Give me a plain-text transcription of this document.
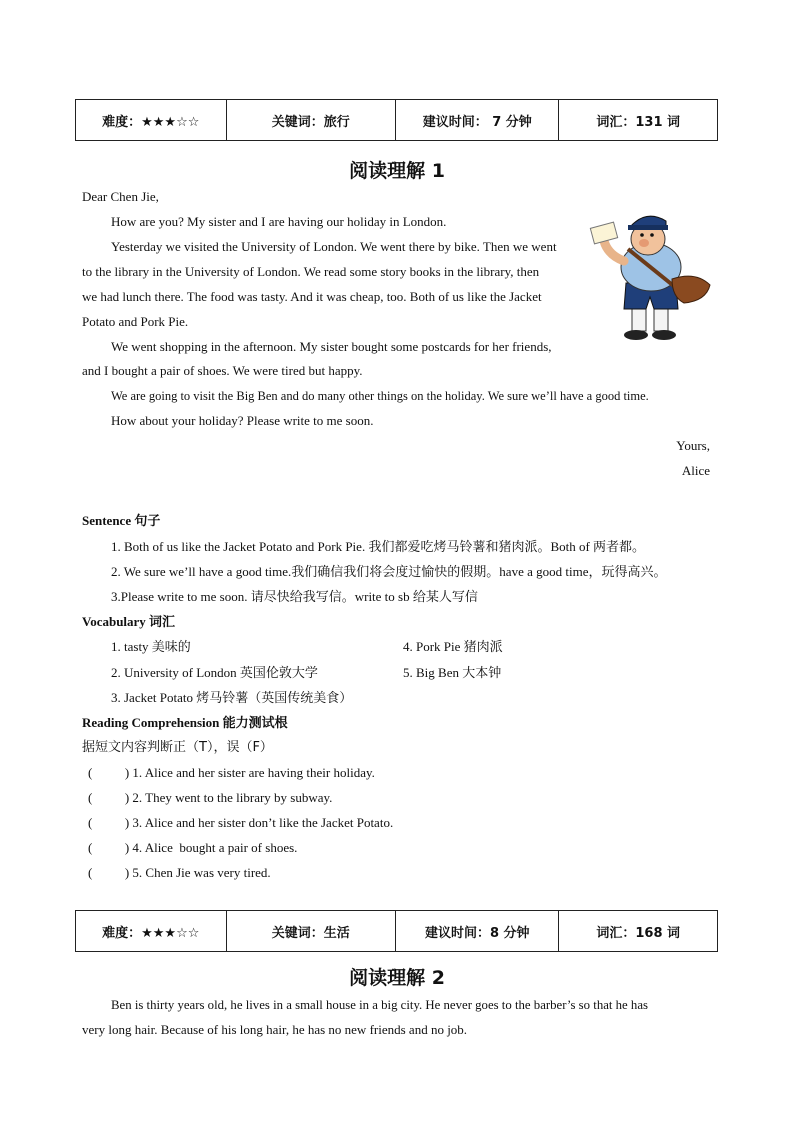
难度：★★★☆☆	关键词：旅行	建议时间： 7 分钟	词汇：131 词
阅读理解 1
Dear Chen Jie,
How are you? My sister and I are having our holiday in London.
Yesterday we visited the University of London. We went there by bike. Then we went
to the library in the University of London. We read some story books in the library, then
we had lunch there. The food was tasty. And it was cheap, too. Both of us like the Jacket
Potato and Pork Pie.
We went shopping in the afternoon. My sister bought some postcards for her friends,
and I bought a pair of shoes. We were tired but happy.
We are going to visit the Big Ben and do many other things on the holiday. We sure we’ll have a good time.
How about your holiday? Please write to me soon.
Yours,
Alice
Sentence 句子
1. Both of us like the Jacket Potato and Pork Pie. 我们都爱吃烤马铃薯和猪肉派。Both of 两者都。
2. We sure we’ll have a good time.我们确信我们将会度过愉快的假期。have a good time，玩得高兴。
3.Please write to me soon. 请尽快给我写信。write to sb 给某人写信
Vocabulary 词汇
1. tasty 美味的
2. University of London 英国伦敦大学
3. Jacket Potato 烤马铃薯（英国传统美食）
4. Pork Pie 猪肉派
5. Big Ben 大本钟
Reading Comprehension 能力测试根
据短文内容判断正（T），误（F）
(          ) 1. Alice and her sister are having their holiday.
(          ) 2. They went to the library by subway.
(          ) 3. Alice and her sister don’t like the Jacket Potato.
(          ) 4. Alice  bought a pair of shoes.
(          ) 5. Chen Jie was very tired.
难度：★★★☆☆	关键词：生活	建议时间：8 分钟	词汇：168 词
阅读理解 2
Ben is thirty years old, he lives in a small house in a big city. He never goes to the barber’s so that he has
very long hair. Because of his long hair, he has no new friends and no job.
